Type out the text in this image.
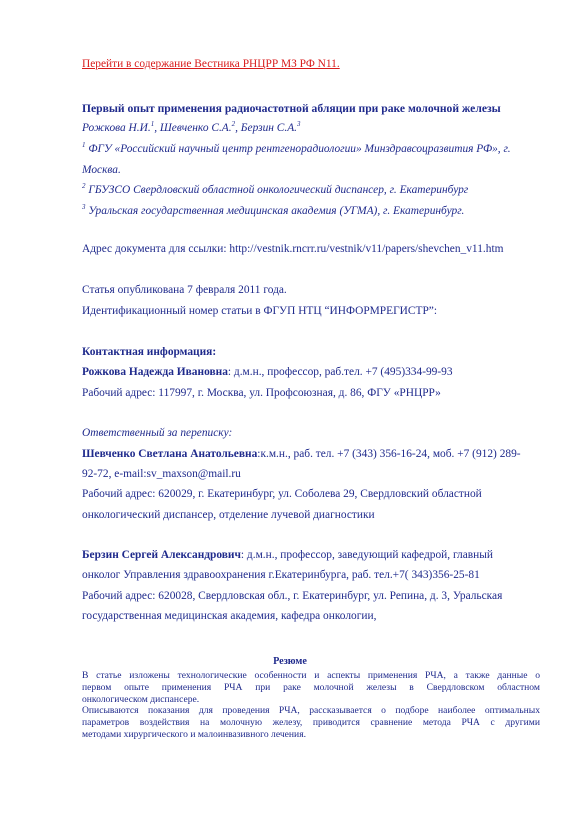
Перейти в содержание Вестника РНЦРР МЗ РФ N11.
Первый опыт применения радиочастотной абляции при раке молочной железы
Рожкова Н.И.$^1$, Шевченко С.А.$^2$, Берзин С.А.$^3$
$^1$ ФГУ «Российский научный центр рентгенорадиологии» Минздравсоцразвития РФ», г.
Москва.
$^2$ ГБУЗСО Свердловский областной онкологический диспансер, г. Екатеринбург
$^3$ Уральская государственная медицинская академия (УГМА), г. Екатеринбург.
Адрес документа для ссылки: http://vestnik.rncrr.ru/vestnik/v11/papers/shevchen_v11.htm
Статья опубликована 7 февраля 2011 года.
Идентификационный номер статьи в ФГУП НТЦ “ИНФОРМРЕГИСТР”:
Контактная информация:
Рожкова Надежда Ивановна: д.м.н., профессор, раб.тел. +7 (495)334-99-93
Рабочий адрес: 117997, г. Москва, ул. Профсоюзная, д. 86, ФГУ «РНЦРР»
Ответственный за переписку:
Шевченко Светлана Анатольевна:к.м.н., раб. тел. +7 (343) 356-16-24, моб. +7 (912) 289-
92-72, e-mail:sv_maxson@mail.ru
Рабочий адрес: 620029, г. Екатеринбург, ул. Соболева 29, Свердловский областной
онкологический диспансер, отделение лучевой диагностики
Берзин Сергей Александрович: д.м.н., профессор, заведующий кафедрой, главный
онколог Управления здравоохранения г.Екатеринбурга, раб. тел.+7( 343)356-25-81
Рабочий адрес: 620028, Свердловская обл., г. Екатеринбург, ул. Репина, д. 3, Уральская
государственная медицинская академия, кафедра онкологии,
Резюме
В статье изложены технологические особенности и аспекты применения РЧА, а также данные о
первом опыте применения РЧА при раке молочной железы в Свердловском областном
онкологическом диспансере.
Описываются показания для проведения РЧА, рассказывается о подборе наиболее оптимальных
параметров воздействия на молочную железу, приводится сравнение метода РЧА с другими
методами хирургического и малоинвазивного лечения.
